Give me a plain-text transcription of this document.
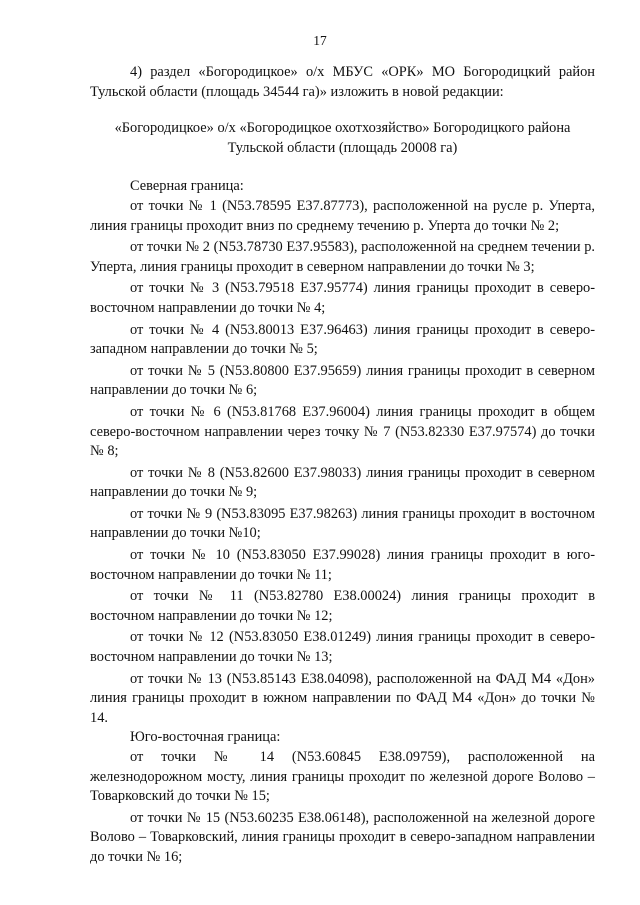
17

4) раздел «Богородицкое» о/х МБУС «ОРК» МО Богородицкий район Тульской области (площадь 34544 га)» изложить в новой редакции:

«Богородицкое» о/х «Богородицкое охотхозяйство» Богородицкого района Тульской области (площадь 20008 га)

Северная граница:

от точки № 1 (N53.78595 E37.87773), расположенной на русле р. Уперта, линия границы проходит вниз по среднему течению р. Уперта до точки № 2;

от точки № 2 (N53.78730 E37.95583), расположенной на среднем течении р. Уперта, линия границы проходит в северном направлении до точки № 3;

от точки № 3 (N53.79518 E37.95774) линия границы проходит в северо-восточном направлении до точки № 4;

от точки № 4 (N53.80013 E37.96463) линия границы проходит в северо-западном направлении до точки № 5;

от точки № 5 (N53.80800 E37.95659) линия границы проходит в северном направлении до точки № 6;

от точки № 6 (N53.81768 E37.96004) линия границы проходит в общем северо-восточном направлении через точку № 7 (N53.82330 E37.97574) до точки № 8;

от точки № 8 (N53.82600 E37.98033) линия границы проходит в северном направлении до точки № 9;

от точки № 9 (N53.83095 E37.98263) линия границы проходит в восточном направлении до точки №10;

от точки № 10 (N53.83050 E37.99028) линия границы проходит в юго-восточном направлении до точки № 11;

от точки № 11 (N53.82780 E38.00024) линия границы проходит в восточном направлении до точки № 12;

от точки № 12 (N53.83050 E38.01249) линия границы проходит в северо-восточном направлении до точки № 13;

от точки № 13 (N53.85143 E38.04098), расположенной на ФАД М4 «Дон» линия границы проходит в южном направлении по ФАД М4 «Дон» до точки № 14.

Юго-восточная граница:

от точки № 14 (N53.60845 E38.09759), расположенной на железнодорожном мосту, линия границы проходит по железной дороге Волово – Товарковский до точки № 15;

от точки № 15 (N53.60235 E38.06148), расположенной на железной дороге Волово – Товарковский, линия границы проходит в северо-западном направлении до точки № 16;
